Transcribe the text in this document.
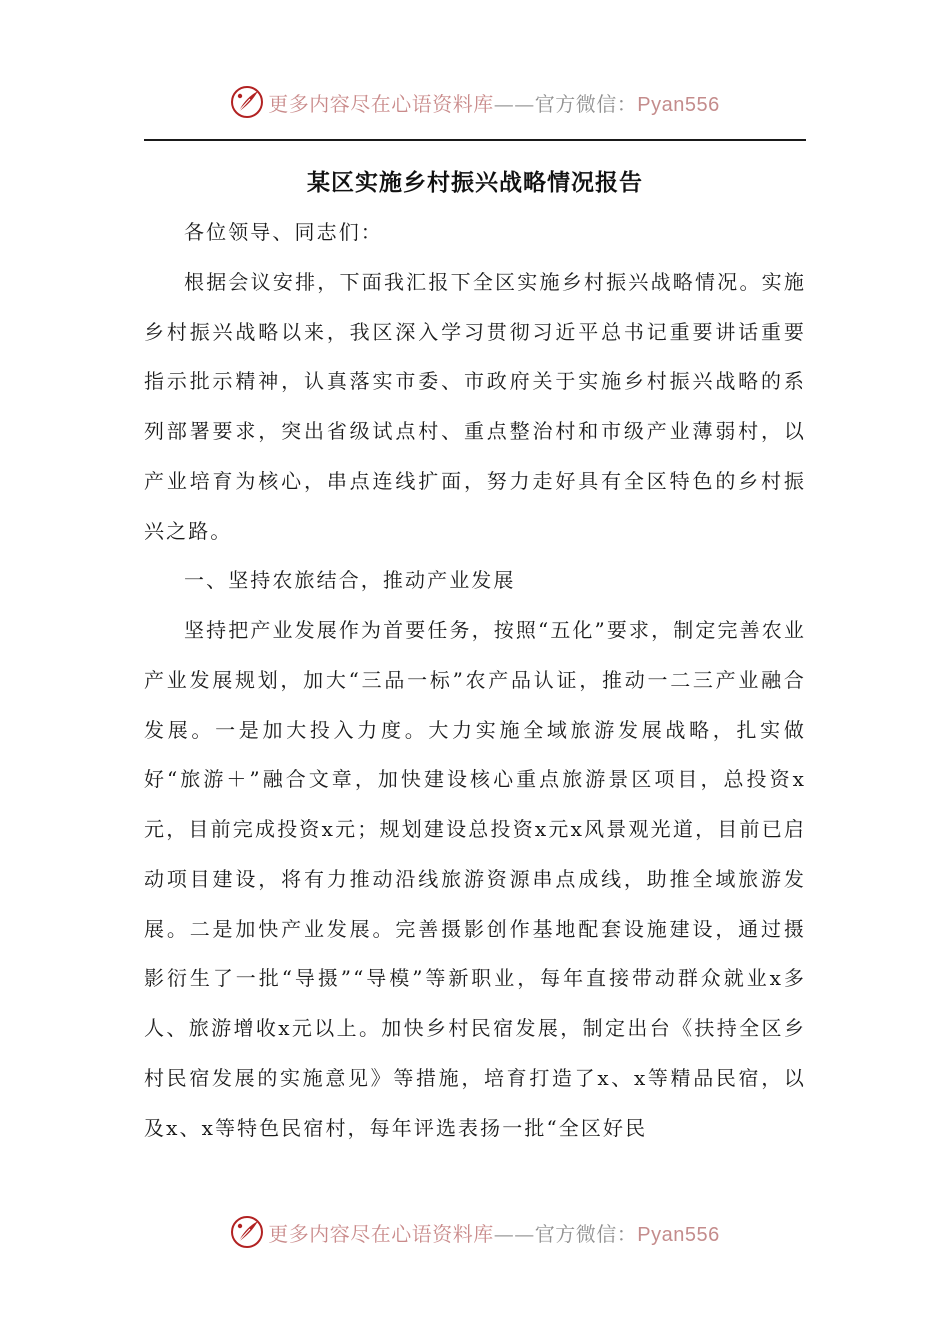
更多内容尽在心语资料库——官方微信：Pyan556
某区实施乡村振兴战略情况报告

各位领导、同志们：

根据会议安排，下面我汇报下全区实施乡村振兴战略情况。实施乡村振兴战略以来，我区深入学习贯彻习近平总书记重要讲话重要指示批示精神，认真落实市委、市政府关于实施乡村振兴战略的系列部署要求，突出省级试点村、重点整治村和市级产业薄弱村，以产业培育为核心，串点连线扩面，努力走好具有全区特色的乡村振兴之路。

一、坚持农旅结合，推动产业发展

坚持把产业发展作为首要任务，按照“五化”要求，制定完善农业产业发展规划，加大“三品一标”农产品认证，推动一二三产业融合发展。一是加大投入力度。大力实施全域旅游发展战略，扎实做好“旅游＋”融合文章，加快建设核心重点旅游景区项目，总投资x元，目前完成投资x元；规划建设总投资x元x风景观光道，目前已启动项目建设，将有力推动沿线旅游资源串点成线，助推全域旅游发展。二是加快产业发展。完善摄影创作基地配套设施建设，通过摄影衍生了一批“导摄”“导模”等新职业，每年直接带动群众就业x多人、旅游增收x元以上。加快乡村民宿发展，制定出台《扶持全区乡村民宿发展的实施意见》等措施，培育打造了x、x等精品民宿，以及x、x等特色民宿村，每年评选表扬一批“全区好民

更多内容尽在心语资料库——官方微信：Pyan556
